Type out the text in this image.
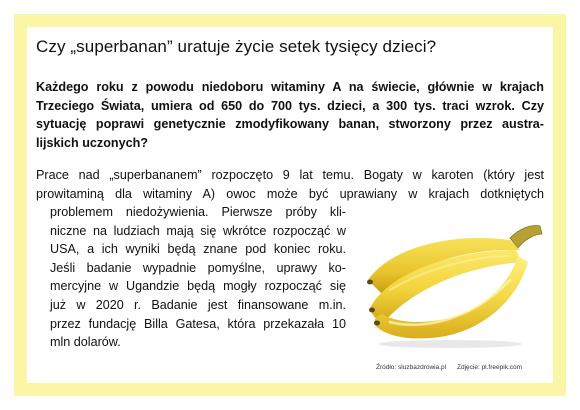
Czy „superbanan” uratuje życie setek tysięcy dzieci?
Każdego roku z powodu niedoboru witaminy A na świecie, głównie w krajach
Trzeciego Świata, umiera od 650 do 700 tys. dzieci, a 300 tys. traci wzrok. Czy
sytuację poprawi genetycznie zmodyfikowany banan, stworzony przez austra-
lijskich uczonych?
Prace nad „superbananem” rozpoczęto 9 lat temu. Bogaty w karoten (który jest
prowitaminą dla witaminy A) owoc może być uprawiany w krajach dotkniętych
problemem niedożywienia. Pierwsze próby kli-
niczne na ludziach mają się wkrótce rozpocząć w
USA, a ich wyniki będą znane pod koniec roku.
Jeśli badanie wypadnie pomyślne, uprawy ko-
mercyjne w Ugandzie będą mogły rozpocząć się
już w 2020 r. Badanie jest finansowane m.in.
przez fundację Billa Gatesa, która przekazała 10
mln dolarów.
Źródło: sluzbazdrowia.pl Zdjęcie: pl.freepik.com
